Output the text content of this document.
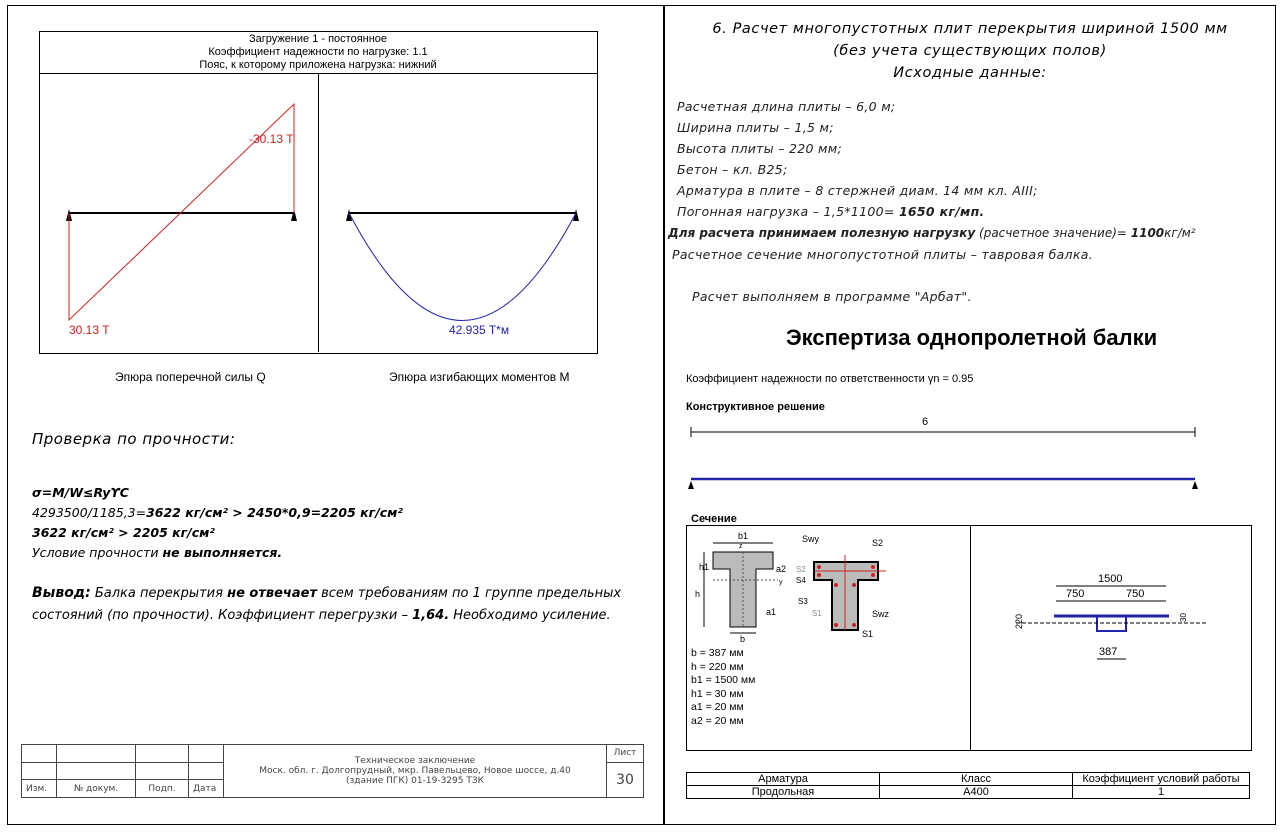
Загружение 1 - постоянное
Коэффициент надежности по нагрузке: 1.1
Пояс, к которому приложена нагрузка: нижний
-30.13 T
30.13 T	42.935 T*м
Эпюра поперечной силы Q	Эпюра изгибающих моментов M
Проверка по прочности:
σ=M/W≤RyϒС
4293500/1185,3=3622 кг/см² > 2450*0,9=2205 кг/см²
3622 кг/см² > 2205 кг/см²
Условие прочности не выполняется.
Вывод: Балка перекрытия не отвечает всем требованиям по 1 группе предельных состояний (по прочности). Коэффициент перегрузки – 1,64. Необходимо усиление.

				Техническое заключение
Моск. обл. г. Долгопрудный, мкр. Павельцево, Новое шоссе, д.40
(здание ПГК) 01-19-3295 ТЗК	Лист
					30
Изм.	№ докум.	Подп.	Дата		
6. Расчет многопустотных плит перекрытия шириной 1500 мм
(без учета существующих полов)
Исходные данные:
Расчетная длина плиты – 6,0 м;
Ширина плиты – 1,5 м;
Высота плиты – 220 мм;
Бетон – кл. В25;
Арматура в плите – 8 стержней диам. 14 мм кл. АIII;
Погонная нагрузка – 1,5*1100= 1650 кг/мп.
Для расчета принимаем полезную нагрузку (расчетное значение)= 1100кг/м²
Расчетное сечение многопустотной плиты – тавровая балка.
Расчет выполняем в программе "Арбат".
Экспертиза однопролетной балки
Коэффициент надежности по ответственности γn = 0.95
Конструктивное решение
6
Сечение
b1
z
h1	a2
y
h
a1
b
Swy	S2
S2
S4
S3
S1	Swz
S1
1500
750	750
220	30
387
b = 387 мм
h = 220 мм
b1 = 1500 мм
h1 = 30 мм
a1 = 20 мм
a2 = 20 мм
Арматура	Класс	Коэффициент условий работы
Продольная	А400	1
